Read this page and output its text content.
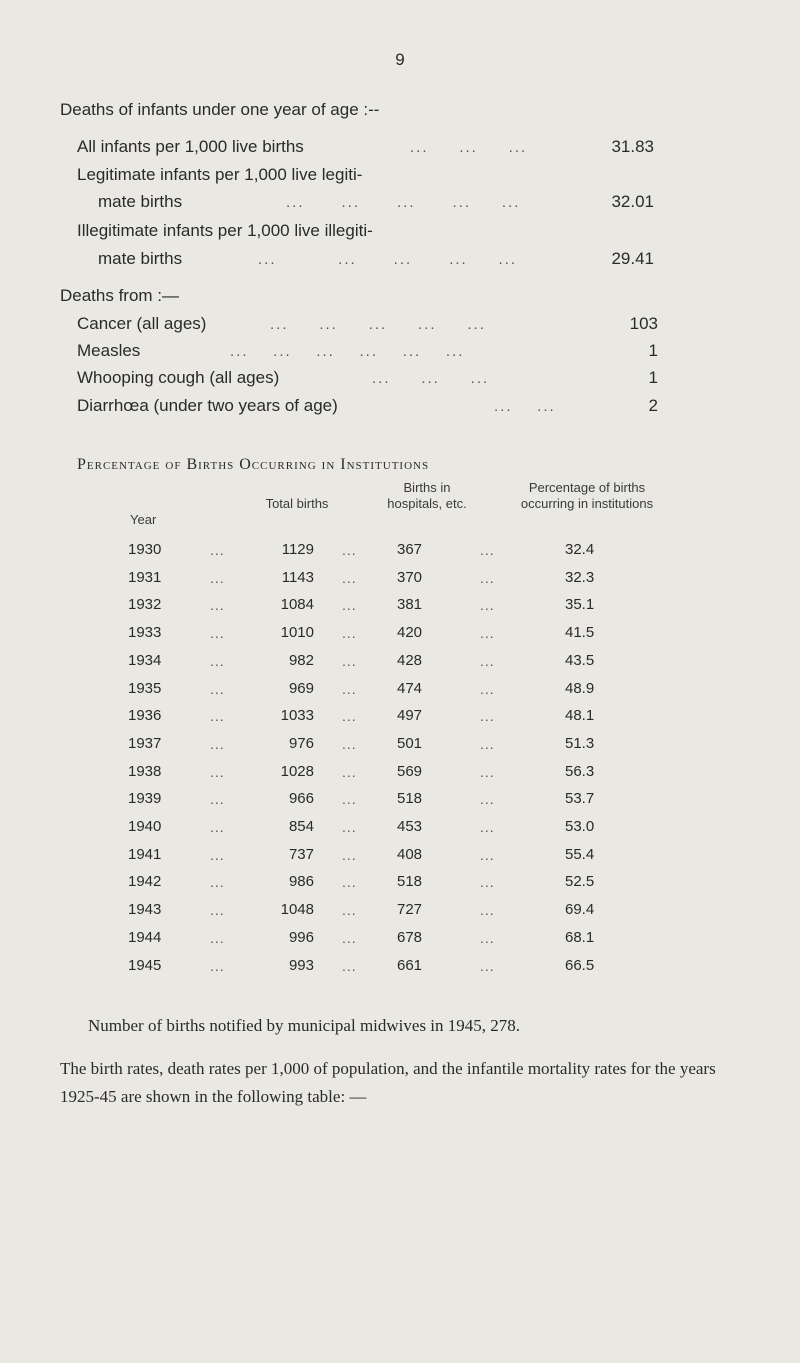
9
Deaths of infants under one year of age :--
All infants per 1,000 live births	...     ...     ...	31.83
Legitimate infants per 1,000 live legiti-
mate births	...      ...      ...      ...     ...	32.01
Illegitimate infants per 1,000 live illegiti-
mate births	...          ...      ...      ...     ...	29.41
Deaths from :—
Cancer (all ages)	...     ...     ...     ...     ...	103
Measles	...    ...    ...    ...    ...    ...	1
Whooping cough (all ages)	...     ...     ...	1
Diarrhœa (under two years of age)	...    ...	2
Percentage of Births Occurring in Institutions
Year
Total births
Births in hospitals, etc.
Percentage of births occurring in institutions
1930	...	1129 ...	367	...	32.4
1931	...	1143 ...	370	...	32.3
1932	...	1084 ...	381	...	35.1
1933	...	1010 ...	420	...	41.5
1934	...	982 ...	428	...	43.5
1935	...	969 ...	474	...	48.9
1936	...	1033 ...	497	...	48.1
1937	...	976 ...	501	...	51.3
1938	...	1028 ...	569	...	56.3
1939	...	966 ...	518	...	53.7
1940	...	854 ...	453	...	53.0
1941	...	737 ...	408	...	55.4
1942	...	986 ...	518	...	52.5
1943	...	1048 ...	727	...	69.4
1944	...	996 ...	678	...	68.1
1945	...	993 ...	661	...	66.5
Number of births notified by municipal midwives in 1945, 278.
The birth rates, death rates per 1,000 of population, and the infantile mortality rates for the years 1925-45 are shown in the following table: —
